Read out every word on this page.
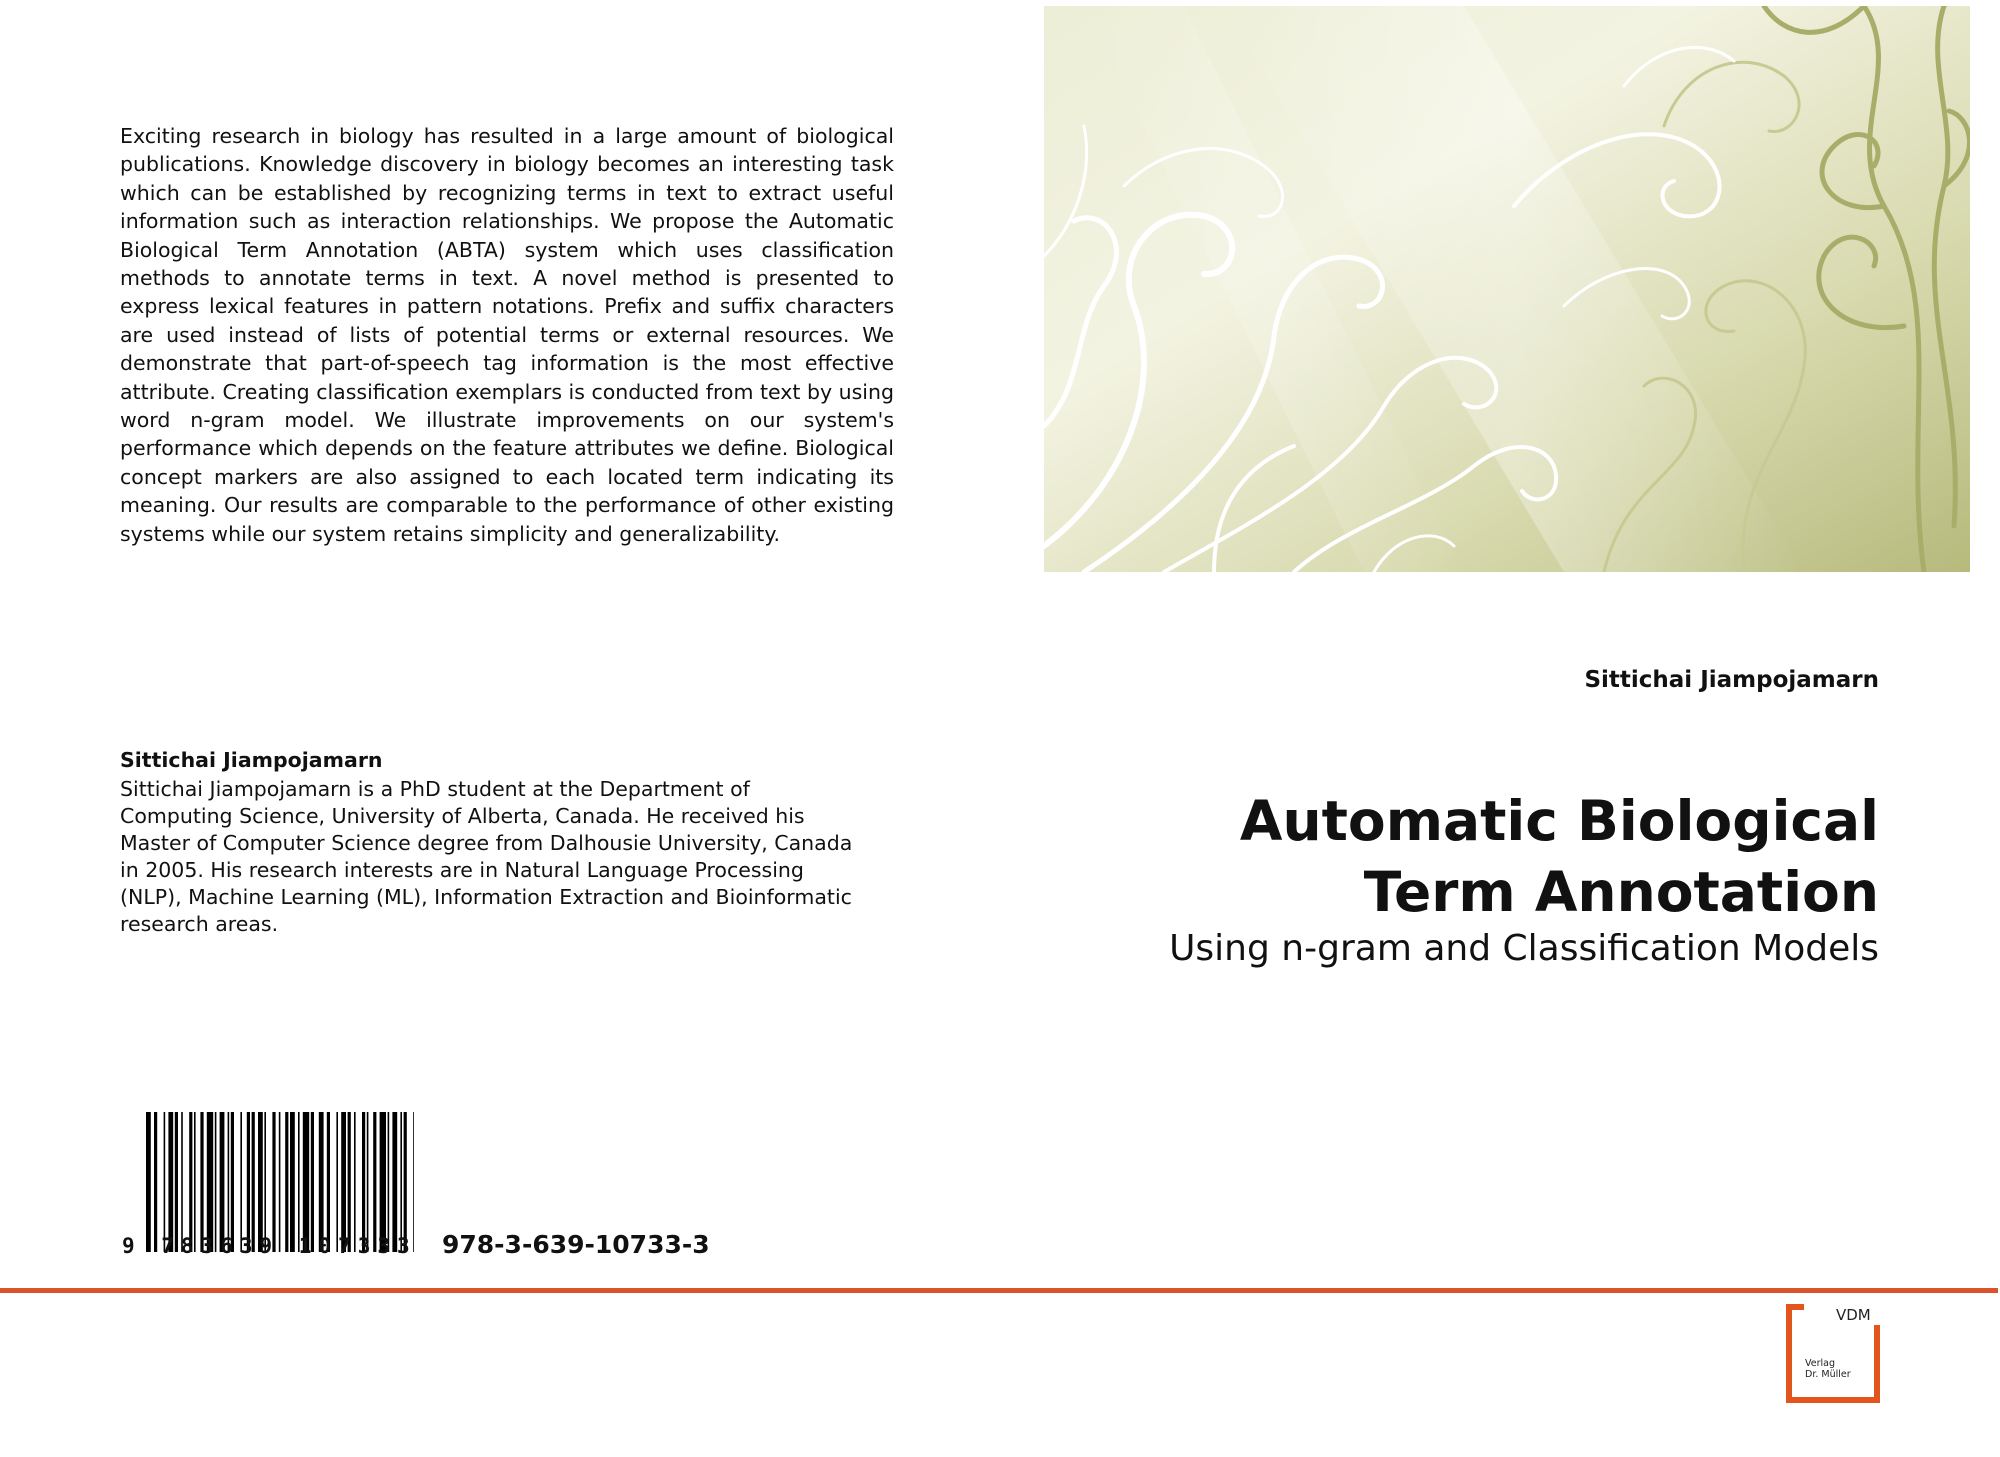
Exciting research in biology has resulted in a large amount of biological publications. Knowledge discovery in biology becomes an interesting task which can be established by recognizing terms in text to extract useful information such as interaction relationships. We propose the Automatic Biological Term Annotation (ABTA) system which uses classification methods to annotate terms in text. A novel method is presented to express lexical features in pattern notations. Prefix and suffix characters are used instead of lists of potential terms or external resources. We demonstrate that part-of-speech tag information is the most effective attribute. Creating classification exemplars is conducted from text by using word n-gram model. We illustrate improvements on our system's performance which depends on the feature attributes we define. Biological concept markers are also assigned to each located term indicating its meaning. Our results are comparable to the performance of other existing systems while our system retains simplicity and generalizability.
Sittichai Jiampojamarn
Sittichai Jiampojamarn is a PhD student at the Department of Computing Science, University of Alberta, Canada. He received his Master of Computer Science degree from Dalhousie University, Canada in 2005. His research interests are in Natural Language Processing (NLP), Machine Learning (ML), Information Extraction and Bioinformatic research areas.
Sittichai Jiampojamarn
Automatic Biological
Term Annotation
Using n-gram and Classification Models
9 783639 107333 978-3-639-10733-3
VDM
Verlag
Dr. Müller
